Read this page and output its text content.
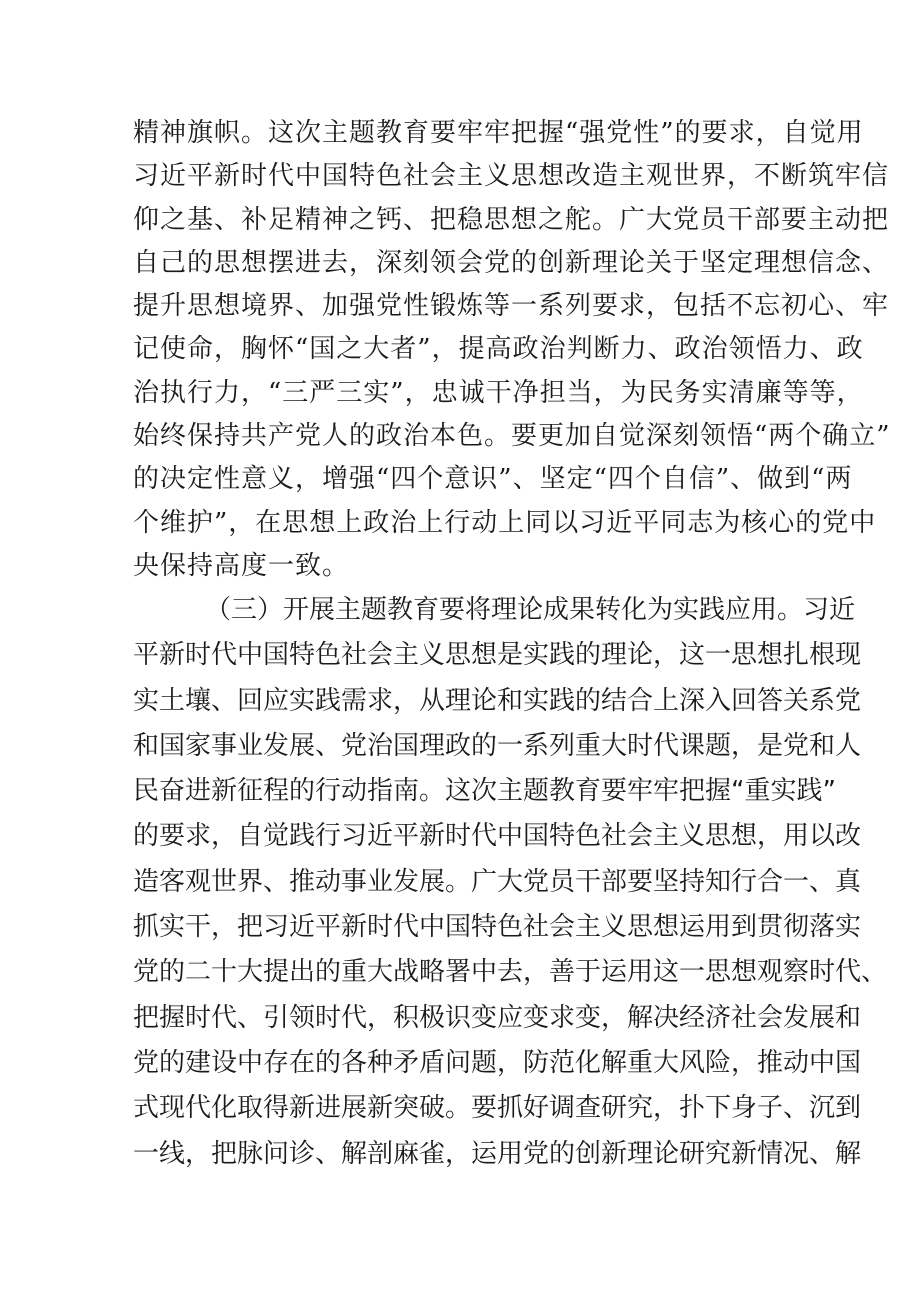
精神旗帜。这次主题教育要牢牢把握“强党性”的要求，自觉用
习近平新时代中国特色社会主义思想改造主观世界，不断筑牢信
仰之基、补足精神之钙、把稳思想之舵。广大党员干部要主动把
自己的思想摆进去，深刻领会党的创新理论关于坚定理想信念、
提升思想境界、加强党性锻炼等一系列要求，包括不忘初心、牢
记使命，胸怀“国之大者”，提高政治判断力、政治领悟力、政
治执行力，“三严三实”，忠诚干净担当，为民务实清廉等等，
始终保持共产党人的政治本色。要更加自觉深刻领悟“两个确立”
的决定性意义，增强“四个意识”、坚定“四个自信”、做到“两
个维护”，在思想上政治上行动上同以习近平同志为核心的党中
央保持高度一致。
（三）开展主题教育要将理论成果转化为实践应用。习近
平新时代中国特色社会主义思想是实践的理论，这一思想扎根现
实土壤、回应实践需求，从理论和实践的结合上深入回答关系党
和国家事业发展、党治国理政的一系列重大时代课题，是党和人
民奋进新征程的行动指南。这次主题教育要牢牢把握“重实践”
的要求，自觉践行习近平新时代中国特色社会主义思想，用以改
造客观世界、推动事业发展。广大党员干部要坚持知行合一、真
抓实干，把习近平新时代中国特色社会主义思想运用到贯彻落实
党的二十大提出的重大战略署中去，善于运用这一思想观察时代、
把握时代、引领时代，积极识变应变求变，解决经济社会发展和
党的建设中存在的各种矛盾问题，防范化解重大风险，推动中国
式现代化取得新进展新突破。要抓好调查研究，扑下身子、沉到
一线，把脉问诊、解剖麻雀，运用党的创新理论研究新情况、解
